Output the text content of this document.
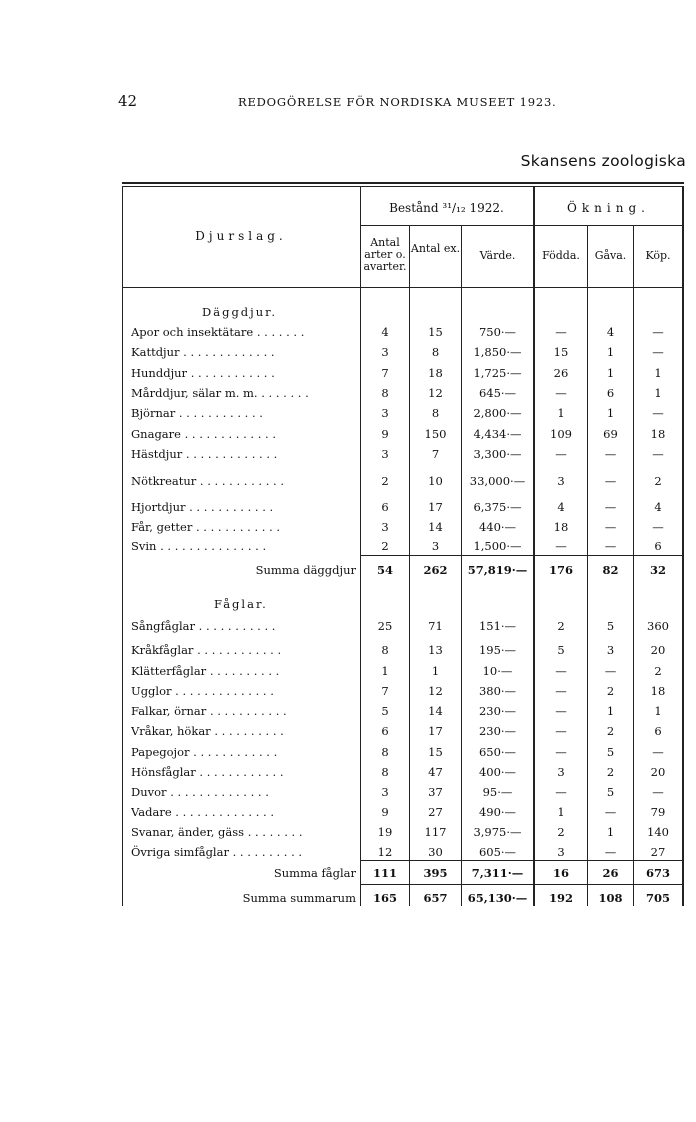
42	REDOGÖRELSE FÖR NORDISKA MUSEET 1923.
Skansens zoologiska
Djurslag.
Bestånd ³¹/₁₂ 1922.	Ökning.
Antal arter o. avarter.
Antal ex.
Värde.	Födda.	Gåva.	Köp.
Däggdjur.
Fåglar.
Apor och insektätare . . . . . . .	4	15	750·—	—	4	—
Kattdjur . . . . . . . . . . . . .	3	8	1,850·—	15	1	—
Hunddjur . . . . . . . . . . . .	7	18	1,725·—	26	1	1
Mårddjur, sälar m. m. . . . . . . .	8	12	645·—	—	6	1
Björnar . . . . . . . . . . . .	3	8	2,800·—	1	1	—
Gnagare . . . . . . . . . . . . .	9	150	4,434·—	109	69	18
Hästdjur . . . . . . . . . . . . .	3	7	3,300·—	—	—	—
Nötkreatur . . . . . . . . . . . .	2	10	33,000·—	3	—	2
Hjortdjur . . . . . . . . . . . .	6	17	6,375·—	4	—	4
Får, getter . . . . . . . . . . . .	3	14	440·—	18	—	—
Svin . . . . . . . . . . . . . . .	2	3	1,500·—	—	—	6
Summa däggdjur	54	262	57,819·—	176	82	32
Sångfåglar . . . . . . . . . . .	25	71	151·—	2	5	360
Kråkfåglar . . . . . . . . . . . .	8	13	195·—	5	3	20
Klätterfåglar . . . . . . . . . .	1	1	10·—	—	—	2
Ugglor . . . . . . . . . . . . . .	7	12	380·—	—	2	18
Falkar, örnar . . . . . . . . . . .	5	14	230·—	—	1	1
Vråkar, hökar . . . . . . . . . .	6	17	230·—	—	2	6
Papegojor . . . . . . . . . . . .	8	15	650·—	—	5	—
Hönsfåglar . . . . . . . . . . . .	8	47	400·—	3	2	20
Duvor . . . . . . . . . . . . . .	3	37	95·—	—	5	—
Vadare . . . . . . . . . . . . . .	9	27	490·—	1	—	79
Svanar, änder, gäss . . . . . . . .	19	117	3,975·—	2	1	140
Övriga simfåglar . . . . . . . . . .	12	30	605·—	3	—	27
Summa fåglar	111	395	7,311·—	16	26	673
Summa summarum	165	657	65,130·—	192	108	705
